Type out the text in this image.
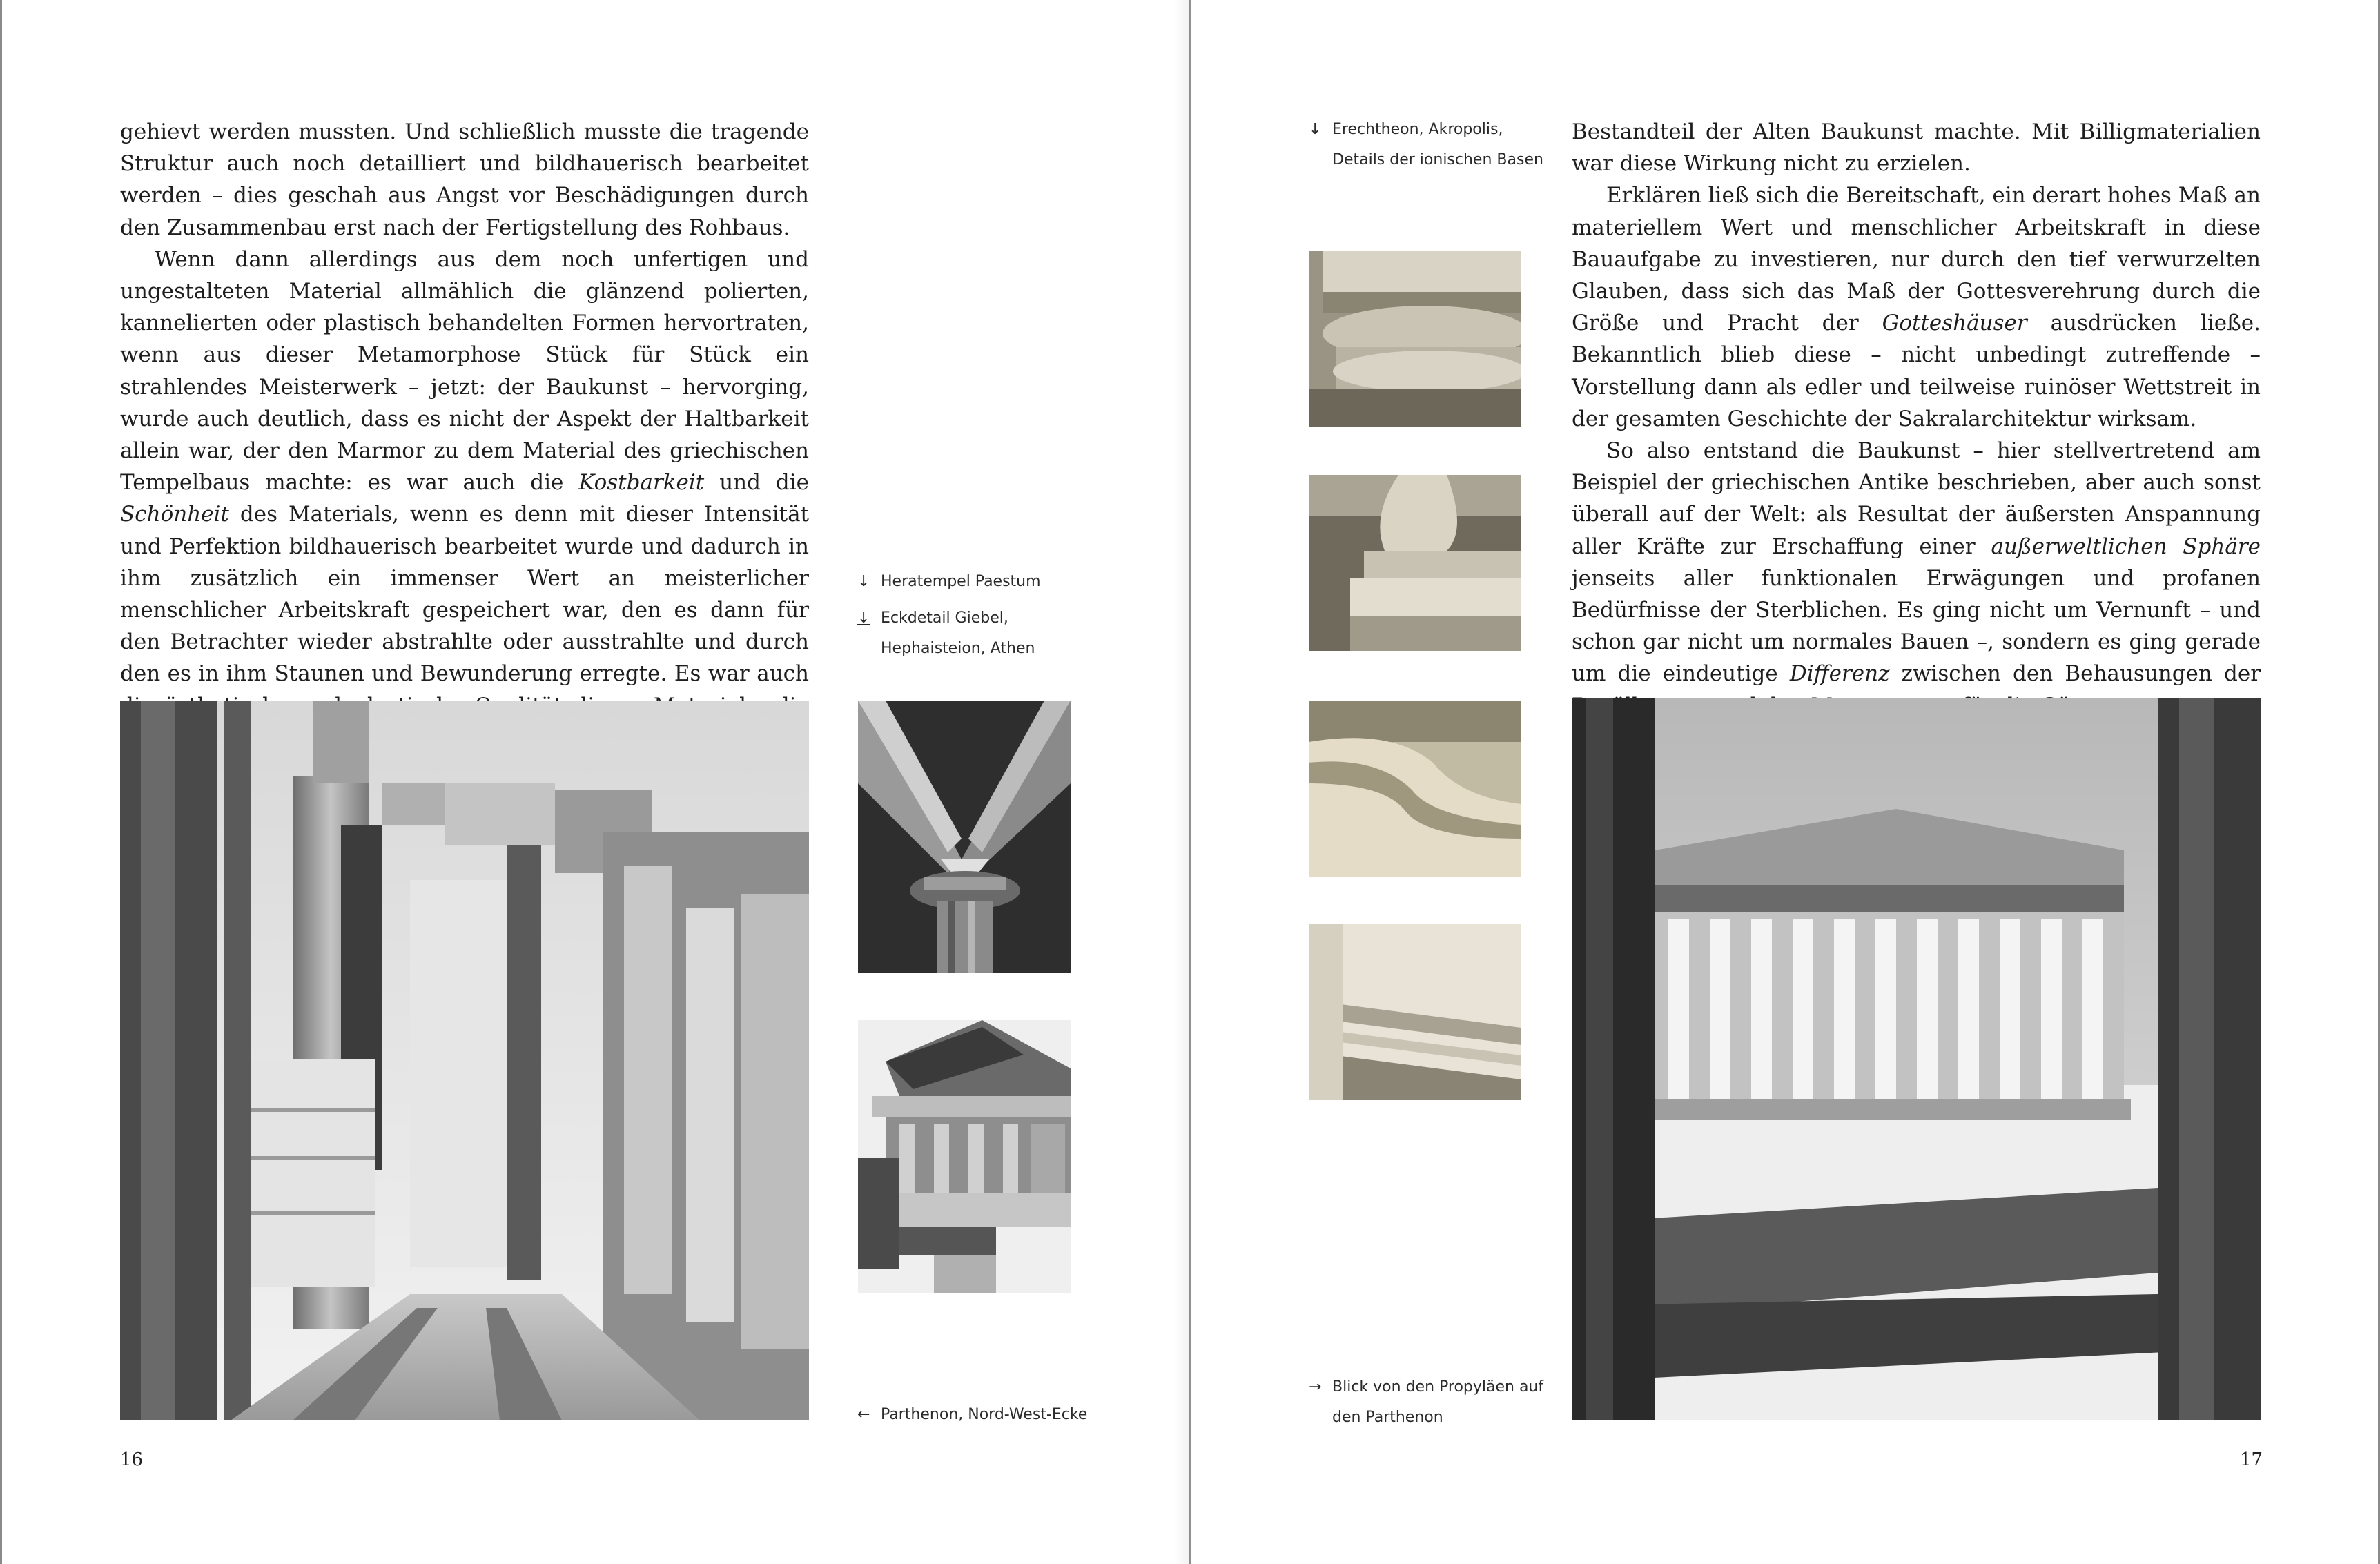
gehievt werden mussten. Und schließlich musste die tragende Struktur auch noch detailliert und bildhauerisch bearbeitet werden – dies geschah aus Angst vor Beschädigungen durch den Zusammenbau erst nach der Fertigstellung des Rohbaus.

Wenn dann allerdings aus dem noch unfertigen und ungestalteten Material allmählich die glänzend polierten, kannelierten oder plastisch behandelten Formen hervortraten, wenn aus dieser Metamorphose Stück für Stück ein strahlendes Meisterwerk – jetzt: der Baukunst – hervorging, wurde auch deutlich, dass es nicht der Aspekt der Haltbarkeit allein war, der den Marmor zu dem Material des griechischen Tempelbaus machte: es war auch die Kostbarkeit und die Schönheit des Materials, wenn es denn mit dieser Intensität und Perfektion bildhauerisch bearbeitet wurde und dadurch in ihm zusätzlich ein immenser Wert an meisterlicher menschlicher Arbeitskraft gespeichert war, den es dann für den Betrachter wieder abstrahlte oder ausstrahlte und durch den es in ihm Staunen und Bewunderung erregte. Es war auch

↓ Heratempel Paestum
↓ Eckdetail Giebel,
Hephaisteion, Athen
← Parthenon, Nord-West-Ecke
16
↓ Erechtheon, Akropolis,
Details der ionischen Basen

Bestandteil der Alten Baukunst machte. Mit Billigmaterialien war diese Wirkung nicht zu erzielen.

Erklären ließ sich die Bereitschaft, ein derart hohes Maß an materiellem Wert und menschlicher Arbeitskraft in diese Bauaufgabe zu investieren, nur durch den tief verwurzelten Glauben, dass sich das Maß der Gottesverehrung durch die Größe und Pracht der Gotteshäuser ausdrücken ließe. Bekanntlich blieb diese – nicht unbedingt zutreffende – Vorstellung dann als edler und teilweise ruinöser Wettstreit in der gesamten Geschichte der Sakralarchitektur wirksam.

So also entstand die Baukunst – hier stellvertretend am Beispiel der griechischen Antike beschrieben, aber auch sonst überall auf der Welt: als Resultat der äußersten Anspannung aller Kräfte zur Erschaffung einer außerweltlichen Sphäre jenseits aller funktionalen Erwägungen und profanen Bedürfnisse der Sterblichen. Es ging nicht um Vernunft – und schon gar nicht um normales Bauen –, sondern es ging gerade um die eindeutige Differenz zwischen den Behausungen der

→ Blick von den Propyläen auf
den Parthenon
17
